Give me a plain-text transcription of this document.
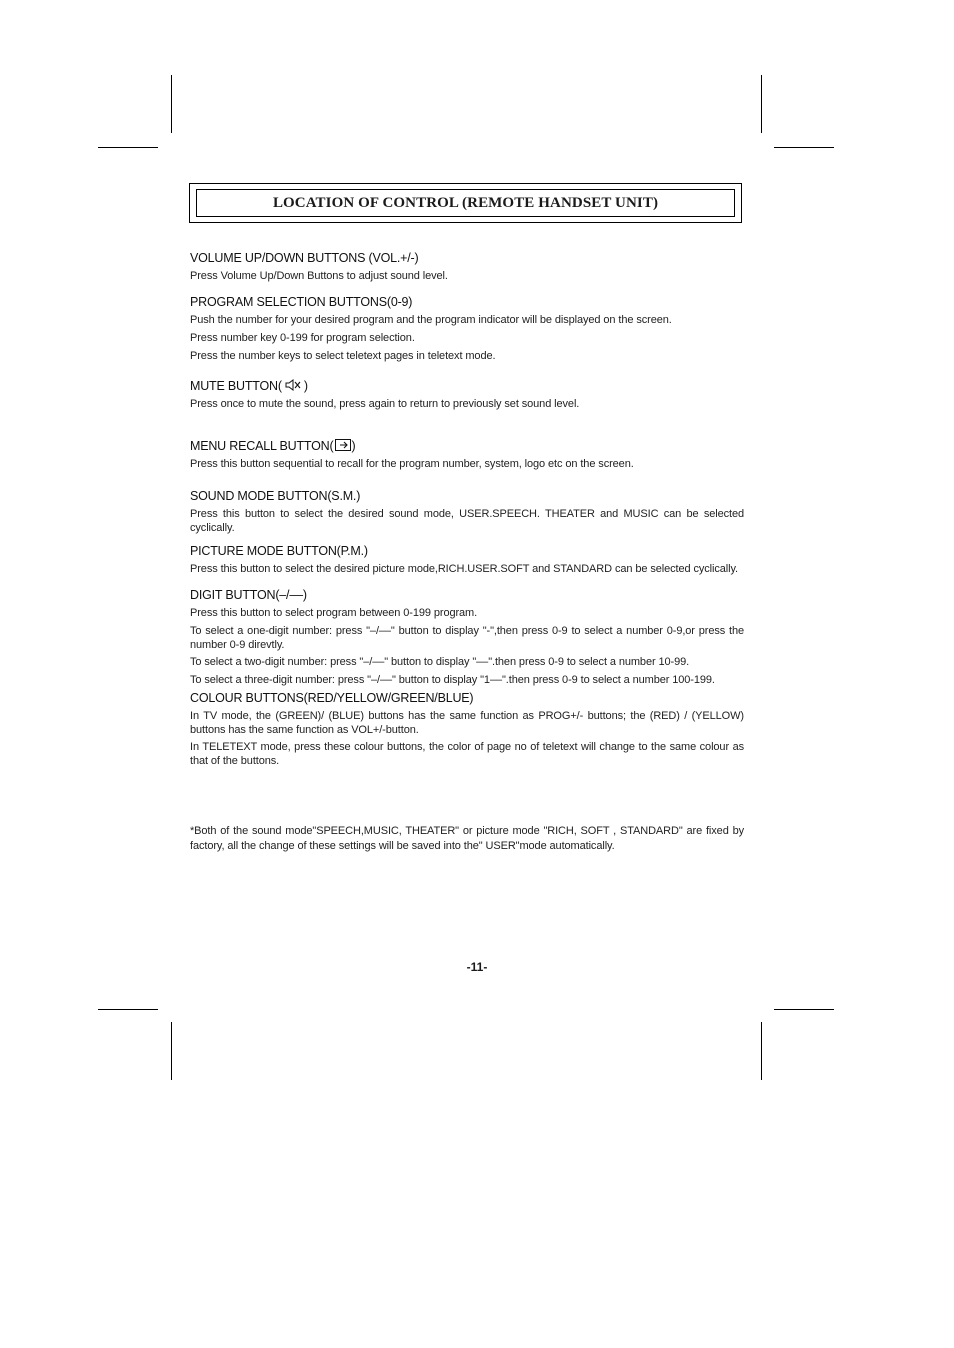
LOCATION OF CONTROL (REMOTE HANDSET UNIT)
VOLUME UP/DOWN BUTTONS (VOL.+/-)
Press Volume Up/Down Buttons to adjust sound level.
PROGRAM SELECTION BUTTONS(0-9)
Push the number for your desired program and the program indicator will be displayed on the screen.
Press number key 0-199 for program selection.
Press the number keys to select teletext pages in teletext mode.
MUTE BUTTON( )
Press once to mute the sound, press again to return to previously set sound level.
MENU RECALL BUTTON( )
Press this button sequential to recall for the program number, system, logo etc on the screen.
SOUND MODE BUTTON(S.M.)
Press this button to select the desired sound mode, USER.SPEECH. THEATER and MUSIC can be selected cyclically.
PICTURE MODE BUTTON(P.M.)
Press this button to select the desired picture mode,RICH.USER.SOFT and STANDARD can be selected cyclically.
DIGIT BUTTON(–/––)
Press this button to select program between 0-199 program.
To select a one-digit number: press "–/––" button to display "-",then press 0-9 to select a number 0-9,or press the number 0-9 direvtly.
To select a two-digit number: press "–/––" button to display "––".then press 0-9 to select a number 10-99.
To select a three-digit number: press "–/––" button to display "1––".then press 0-9 to select a number 100-199.
COLOUR BUTTONS(RED/YELLOW/GREEN/BLUE)
In TV mode, the (GREEN)/ (BLUE) buttons has the same function as PROG+/- buttons; the (RED) / (YELLOW) buttons has the same function as VOL+/-button.
In TELETEXT mode, press these colour buttons, the color of page no of teletext will change to the same colour as that of the buttons.
*Both of the sound mode"SPEECH,MUSIC, THEATER" or picture mode "RICH, SOFT , STANDARD" are fixed by factory, all the change of these settings will be saved into the" USER"mode automatically.
-11-
